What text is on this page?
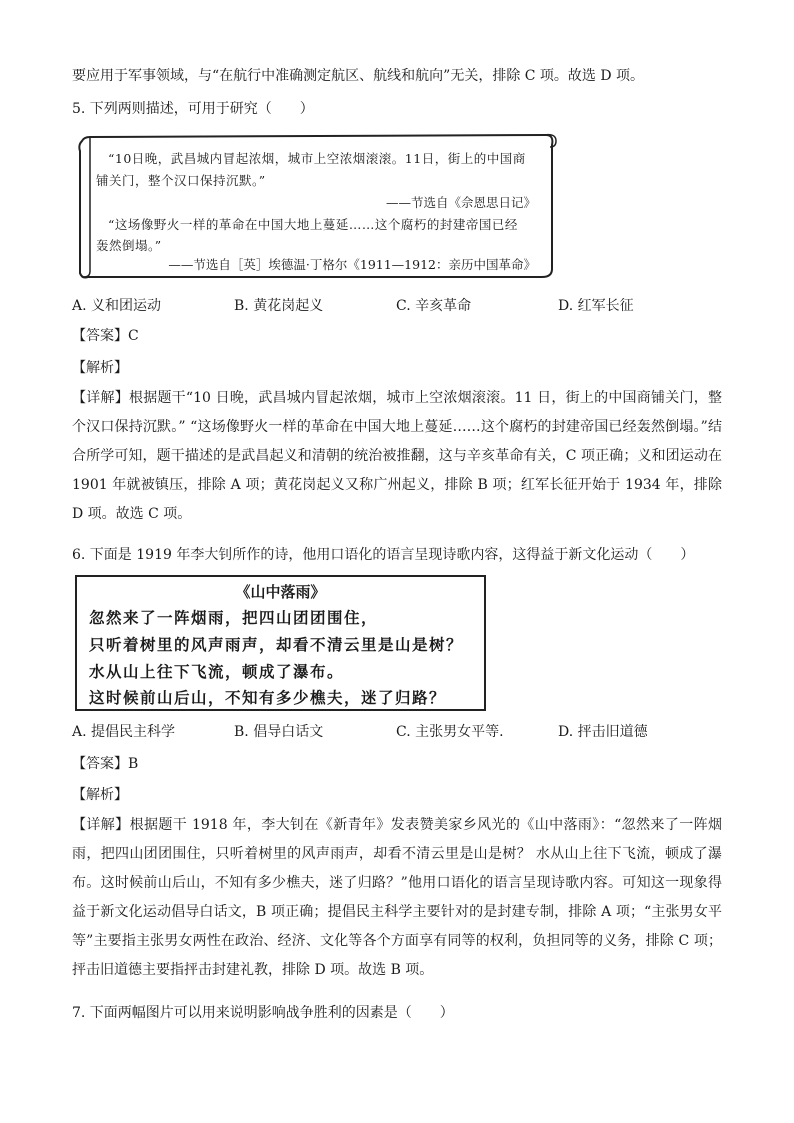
要应用于军事领域，与“在航行中准确测定航区、航线和航向”无关，排除 C 项。故选 D 项。
5. 下列两则描述，可用于研究（　　）
“10日晚，武昌城内冒起浓烟，城市上空浓烟滚滚。11日，街上的中国商
铺关门，整个汉口保持沉默。”
——节选自《佘恩思日记》
“这场像野火一样的革命在中国大地上蔓延……这个腐朽的封建帝国已经
轰然倒塌。”
——节选自［英］埃德温·丁格尔《1911—1912：亲历中国革命》
A. 义和团运动	B. 黄花岗起义	C. 辛亥革命	D. 红军长征
【答案】C
【解析】
【详解】根据题干“10 日晚，武昌城内冒起浓烟，城市上空浓烟滚滚。11 日，街上的中国商铺关门，整个汉口保持沉默。” “这场像野火一样的革命在中国大地上蔓延……这个腐朽的封建帝国已经轰然倒塌。”结合所学可知，题干描述的是武昌起义和清朝的统治被推翻，这与辛亥革命有关，C 项正确；义和团运动在 1901 年就被镇压，排除 A 项；黄花岗起义又称广州起义，排除 B 项；红军长征开始于 1934 年，排除 D 项。故选 C 项。
6. 下面是 1919 年李大钊所作的诗，他用口语化的语言呈现诗歌内容，这得益于新文化运动（　　）
《山中落雨》
忽然来了一阵烟雨，把四山团团围住，
只听着树里的风声雨声，却看不清云里是山是树？
水从山上往下飞流，顿成了瀑布。
这时候前山后山，不知有多少樵夫，迷了归路？
A. 提倡民主科学	B. 倡导白话文	C. 主张男女平等.	D. 抨击旧道德
【答案】B
【解析】
【详解】根据题干 1918 年，李大钊在《新青年》发表赞美家乡风光的《山中落雨》：“忽然来了一阵烟雨，把四山团团围住，只听着树里的风声雨声，却看不清云里是山是树？ 水从山上往下飞流，顿成了瀑布。这时候前山后山，不知有多少樵夫，迷了归路？”他用口语化的语言呈现诗歌内容。可知这一现象得益于新文化运动倡导白话文，B 项正确；提倡民主科学主要针对的是封建专制，排除 A 项；“主张男女平等”主要指主张男女两性在政治、经济、文化等各个方面享有同等的权利，负担同等的义务，排除 C 项；抨击旧道德主要指抨击封建礼教，排除 D 项。故选 B 项。
7. 下面两幅图片可以用来说明影响战争胜利的因素是（　　）
